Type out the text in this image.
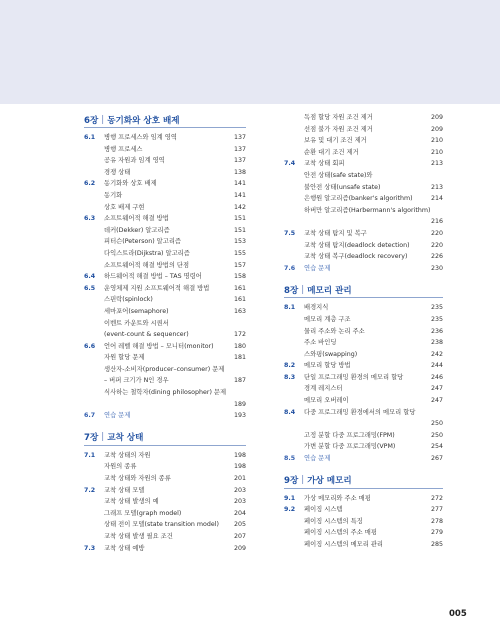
6장 | 동기화와 상호 배제
6.1 병행 프로세스와 임계 영역	137
병행 프로세스	137
공유 자원과 임계 영역	137
경쟁 상태	138
6.2 동기화와 상호 배제	141
동기화	141
상호 배제 구현	142
6.3 소프트웨어적 해결 방법	151
데커(Dekker) 알고리즘	151
피터슨(Peterson) 알고리즘	153
다익스트라(Dijkstra) 알고리즘	155
소프트웨어적 해결 방법의 단점	157
6.4 하드웨어적 해결 방법 – TAS 명령어	158
6.5 운영체제 지원 소프트웨어적 해결 방법	161
스핀락(spinlock)	161
세마포어(semaphore)	163
이벤트 카운트와 시퀀서
(event-count & sequencer)	172
6.6 언어 레벨 해결 방법 – 모니터(monitor)	180
자원 할당 문제	181
생산자-소비자(producer–consumer) 문제
– 버퍼 크기가 N인 경우	187
식사하는 철학자(dining philosopher) 문제
189
6.7 연습 문제	193
7장 | 교착 상태
7.1 교착 상태의 자원	198
자원의 종류	198
교착 상태와 자원의 종류	201
7.2 교착 상태 모델	203
교착 상태 발생의 예	203
그래프 모델(graph model)	204
상태 전이 모델(state transition model) 205
교착 상태 발생 필요 조건	207
7.3 교착 상태 예방	209
독점 할당 자원 조건 제거	209
선점 불가 자원 조건 제거	209
보유 및 대기 조건 제거	210
순환 대기 조건 제거	210
7.4 교착 상태 회피	213
안전 상태(safe state)와
불안전 상태(unsafe state)	213
은행원 알고리즘(banker's algorithm)	214
하버만 알고리즘(Harbermann's algorithm)
216
7.5 교착 상태 탐지 및 복구	220
교착 상태 탐지(deadlock detection)	220
교착 상태 복구(deadlock recovery)	226
7.6 연습 문제	230
8장 | 메모리 관리
8.1 배경지식	235
메모리 계층 구조	235
물리 주소와 논리 주소	236
주소 바인딩	238
스와핑(swapping)	242
8.2 메모리 할당 방법	244
8.3 단일 프로그래밍 환경의 메모리 할당	246
경계 레지스터	247
메모리 오버레이	247
8.4 다중 프로그래밍 환경에서의 메모리 할당
250
고정 분할 다중 프로그래밍(FPM)	250
가변 분할 다중 프로그래밍(VPM)	254
8.5 연습 문제	267
9장 | 가상 메모리
9.1 가상 메모리와 주소 매핑	272
9.2 페이징 시스템	277
페이징 시스템의 특징	278
페이징 시스템의 주소 매핑	279
페이징 시스템의 메모리 관리	285
005
